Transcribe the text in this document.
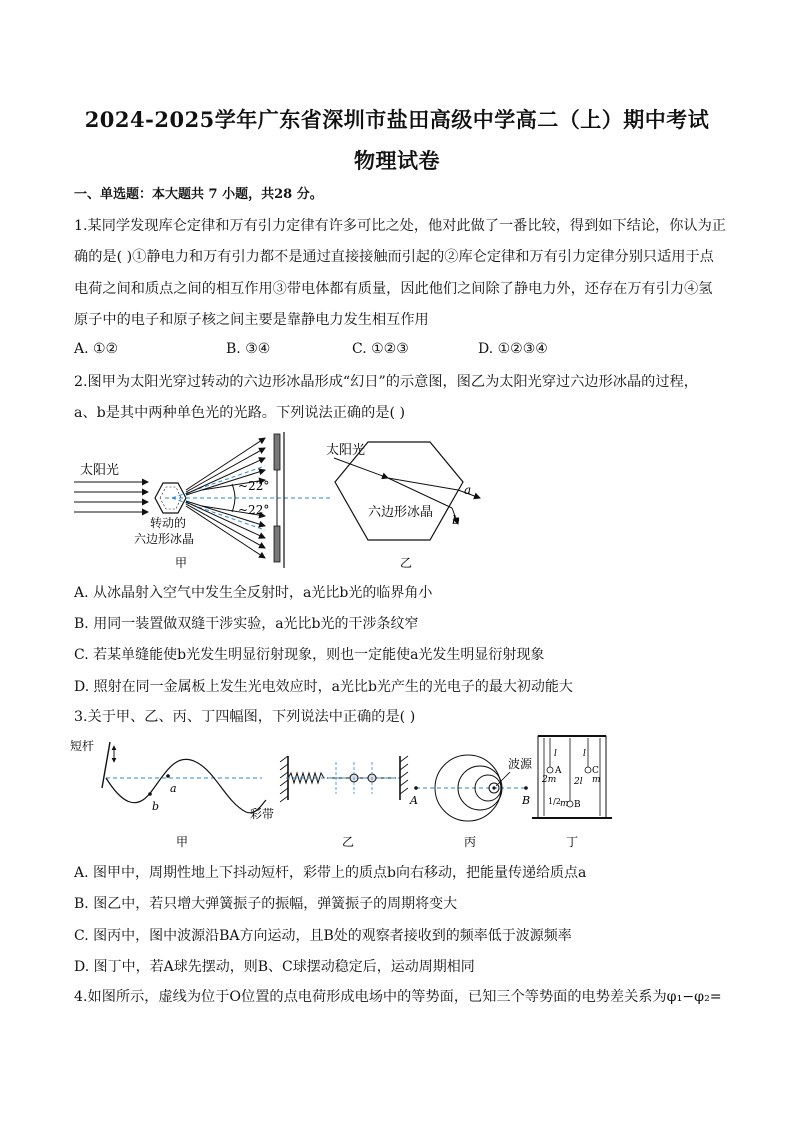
2024-2025学年广东省深圳市盐田高级中学高二（上）期中考试
物理试卷
一、单选题：本大题共 7 小题，共28 分。
1.某同学发现库仑定律和万有引力定律有许多可比之处，他对此做了一番比较，得到如下结论，你认为正
确的是( )①静电力和万有引力都不是通过直接接触而引起的②库仑定律和万有引力定律分别只适用于点
电荷之间和质点之间的相互作用③带电体都有质量，因此他们之间除了静电力外，还存在万有引力④氢
原子中的电子和原子核之间主要是靠静电力发生相互作用
A. ①②	B. ③④	C. ①②③	D. ①②③④
2.图甲为太阳光穿过转动的六边形冰晶形成“幻日”的示意图，图乙为太阳光穿过六边形冰晶的过程，
a、b是其中两种单色光的光路。下列说法正确的是( )
太阳光
~22°
~22°
转动的
六边形冰晶
甲
太阳光
a
b
六边形冰晶
乙
A. 从冰晶射入空气中发生全反射时，a光比b光的临界角小
B. 用同一装置做双缝干涉实验，a光比b光的干涉条纹窄
C. 若某单缝能使b光发生明显衍射现象，则也一定能使a光发生明显衍射现象
D. 照射在同一金属板上发生光电效应时，a光比b光产生的光电子的最大初动能大
3.关于甲、乙、丙、丁四幅图，下列说法中正确的是( )
短杆
a
b
彩带
甲	乙
波源
A	B
丙
l
A
2m
l
C
m
2l
B
1/2 m
丁
A. 图甲中，周期性地上下抖动短杆，彩带上的质点b向右移动，把能量传递给质点a
B. 图乙中，若只增大弹簧振子的振幅，弹簧振子的周期将变大
C. 图丙中，图中波源沿BA方向运动，且B处的观察者接收到的频率低于波源频率
D. 图丁中，若A球先摆动，则B、C球摆动稳定后，运动周期相同
4.如图所示，虚线为位于O位置的点电荷形成电场中的等势面，已知三个等势面的电势差关系为φ₁−φ₂=
